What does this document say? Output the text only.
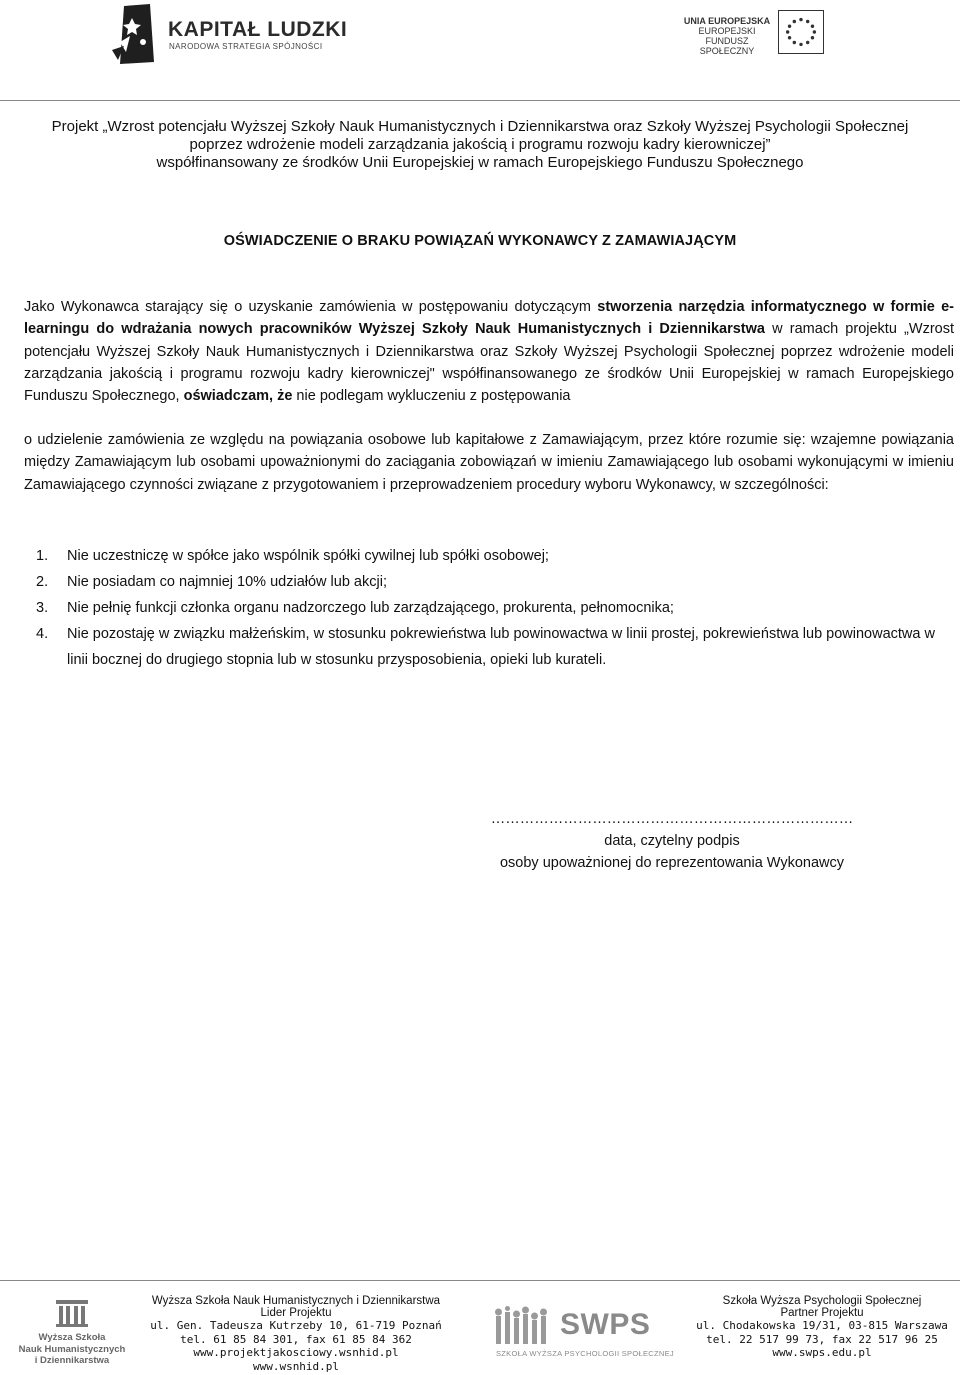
KAPITAŁ LUDZKI
NARODOWA STRATEGIA SPÓJNOŚCI
UNIA EUROPEJSKA
EUROPEJSKI
FUNDUSZ SPOŁECZNY
Projekt „Wzrost potencjału Wyższej Szkoły Nauk Humanistycznych i Dziennikarstwa oraz Szkoły Wyższej Psychologii Społecznej
poprzez wdrożenie modeli zarządzania jakością i programu rozwoju kadry kierowniczej”
współfinansowany ze środków Unii Europejskiej w ramach Europejskiego Funduszu Społecznego
OŚWIADCZENIE O BRAKU POWIĄZAŃ WYKONAWCY Z ZAMAWIAJĄCYM
Jako Wykonawca starający się o uzyskanie zamówienia w postępowaniu dotyczącym stworzenia narzędzia informatycznego w formie e-learningu do wdrażania nowych pracowników Wyższej Szkoły Nauk Humanistycznych i Dziennikarstwa w ramach projektu „Wzrost potencjału Wyższej Szkoły Nauk Humanistycznych i Dziennikarstwa oraz Szkoły Wyższej Psychologii Społecznej poprzez wdrożenie modeli zarządzania jakością i programu rozwoju kadry kierowniczej" współfinansowanego ze środków Unii Europejskiej w ramach Europejskiego Funduszu Społecznego, oświadczam, że nie podlegam wykluczeniu z postępowania
o udzielenie zamówienia ze względu na powiązania osobowe lub kapitałowe z Zamawiającym, przez które rozumie się: wzajemne powiązania między Zamawiającym lub osobami upoważnionymi do zaciągania zobowiązań w imieniu Zamawiającego lub osobami wykonującymi w imieniu Zamawiającego czynności związane z przygotowaniem i przeprowadzeniem procedury wyboru Wykonawcy, w szczególności:
1. Nie uczestniczę w spółce jako wspólnik spółki cywilnej lub spółki osobowej;
2. Nie posiadam co najmniej 10% udziałów lub akcji;
3. Nie pełnię funkcji członka organu nadzorczego lub zarządzającego, prokurenta, pełnomocnika;
4. Nie pozostaję w związku małżeńskim, w stosunku pokrewieństwa lub powinowactwa w linii prostej, pokrewieństwa lub powinowactwa w linii bocznej do drugiego stopnia lub w stosunku przysposobienia, opieki lub kurateli.
…………………………………………………………………
data, czytelny podpis
osoby upoważnionej do reprezentowania Wykonawcy
Wyższa Szkoła
Nauk Humanistycznych
i Dziennikarstwa
Wyższa Szkoła Nauk Humanistycznych i Dziennikarstwa
Lider Projektu
ul. Gen. Tadeusza Kutrzeby 10, 61-719 Poznań
tel. 61 85 84 301, fax 61 85 84 362
www.projektjakosciowy.wsnhid.pl
www.wsnhid.pl
SWPS
SZKOŁA WYŻSZA PSYCHOLOGII SPOŁECZNEJ
Szkoła Wyższa Psychologii Społecznej
Partner Projektu
ul. Chodakowska 19/31, 03-815 Warszawa
tel. 22 517 99 73, fax 22 517 96 25
www.swps.edu.pl
